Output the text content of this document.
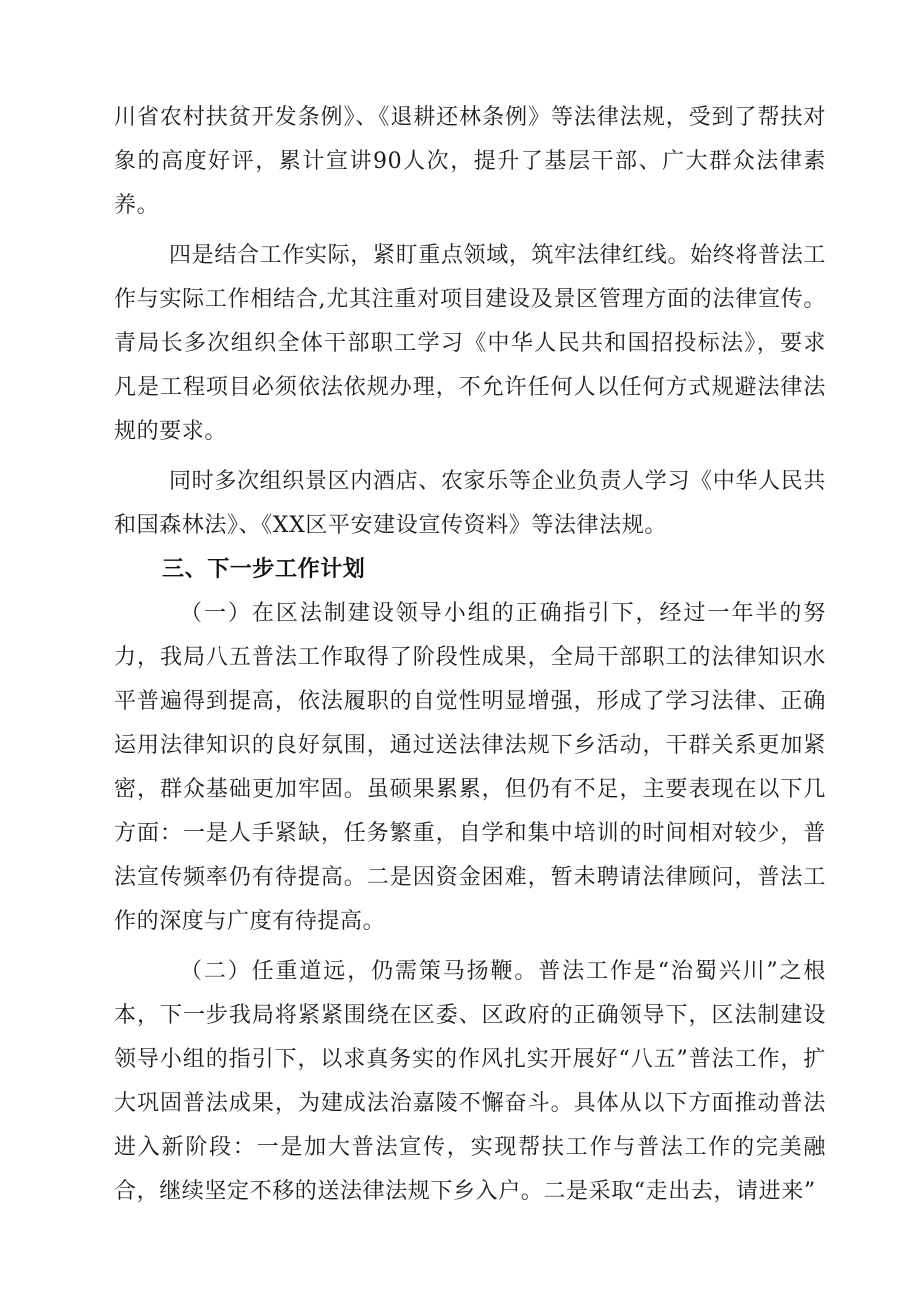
川省农村扶贫开发条例》、《退耕还林条例》等法律法规，受到了帮扶对象的高度好评，累计宣讲90人次，提升了基层干部、广大群众法律素养。

四是结合工作实际，紧盯重点领域，筑牢法律红线。始终将普法工作与实际工作相结合,尤其注重对项目建设及景区管理方面的法律宣传。青局长多次组织全体干部职工学习《中华人民共和国招投标法》，要求凡是工程项目必须依法依规办理，不允许任何人以任何方式规避法律法规的要求。

同时多次组织景区内酒店、农家乐等企业负责人学习《中华人民共和国森林法》、《XX区平安建设宣传资料》等法律法规。

三、下一步工作计划

（一）在区法制建设领导小组的正确指引下，经过一年半的努力，我局八五普法工作取得了阶段性成果，全局干部职工的法律知识水平普遍得到提高，依法履职的自觉性明显增强，形成了学习法律、正确运用法律知识的良好氛围，通过送法律法规下乡活动，干群关系更加紧密，群众基础更加牢固。虽硕果累累，但仍有不足，主要表现在以下几方面：一是人手紧缺，任务繁重，自学和集中培训的时间相对较少，普法宣传频率仍有待提高。二是因资金困难，暂未聘请法律顾问，普法工作的深度与广度有待提高。

（二）任重道远，仍需策马扬鞭。普法工作是“治蜀兴川”之根本，下一步我局将紧紧围绕在区委、区政府的正确领导下，区法制建设领导小组的指引下，以求真务实的作风扎实开展好“八五”普法工作，扩大巩固普法成果，为建成法治嘉陵不懈奋斗。具体从以下方面推动普法进入新阶段：一是加大普法宣传，实现帮扶工作与普法工作的完美融合，继续坚定不移的送法律法规下乡入户。二是采取“走出去，请进来”
